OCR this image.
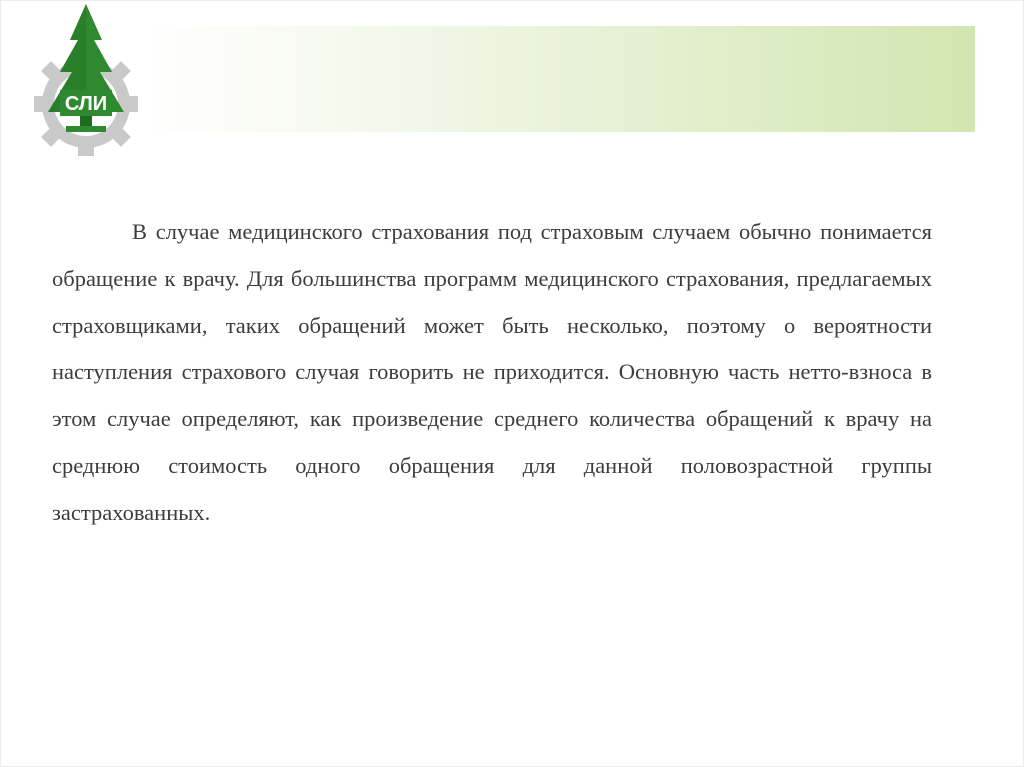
СЛИ

В случае медицинского страхования под страховым случаем обычно понимается обращение к врачу. Для большинства программ медицинского страхования, предлагаемых страховщиками, таких обращений может быть несколько, поэтому о вероятности наступления страхового случая говорить не приходится. Основную часть нетто-взноса в этом случае определяют, как произведение среднего количества обращений к врачу на среднюю стоимость одного обращения для данной половозрастной группы застрахованных.
